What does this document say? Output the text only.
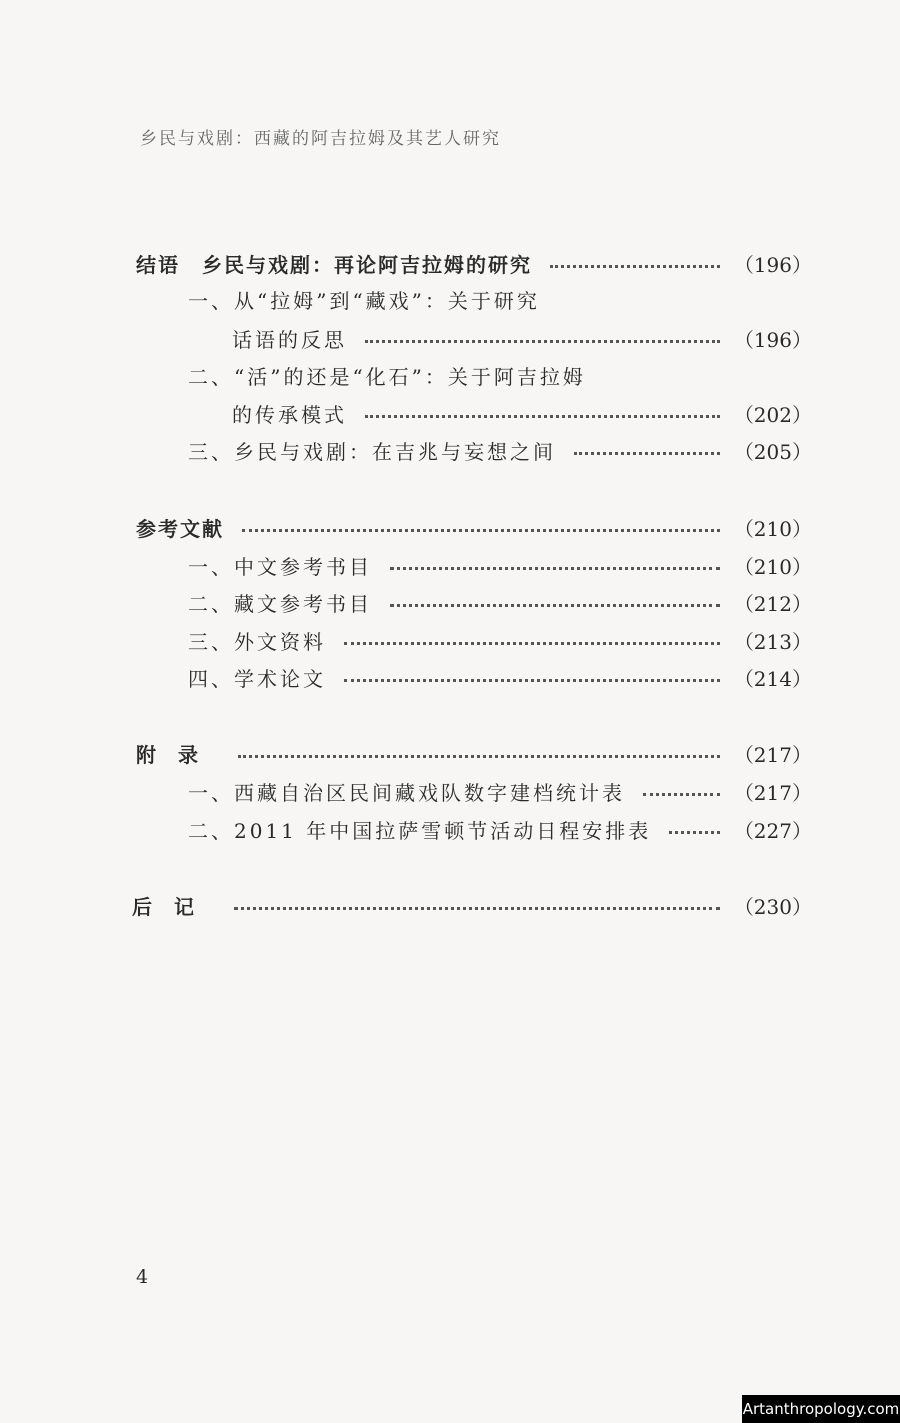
乡民与戏剧：西藏的阿吉拉姆及其艺人研究
结语　乡民与戏剧：再论阿吉拉姆的研究	（196）
一、从“拉姆”到“藏戏”：关于研究
话语的反思	（196）
二、“活”的还是“化石”：关于阿吉拉姆
的传承模式	（202）
三、乡民与戏剧：在吉兆与妄想之间	（205）
参考文献	（210）
一、中文参考书目	（210）
二、藏文参考书目	（212）
三、外文资料	（213）
四、学术论文	（214）
附录	（217）
一、西藏自治区民间藏戏队数字建档统计表	（217）
二、2011 年中国拉萨雪顿节活动日程安排表	（227）
后记	（230）
4
Artanthropology.com
